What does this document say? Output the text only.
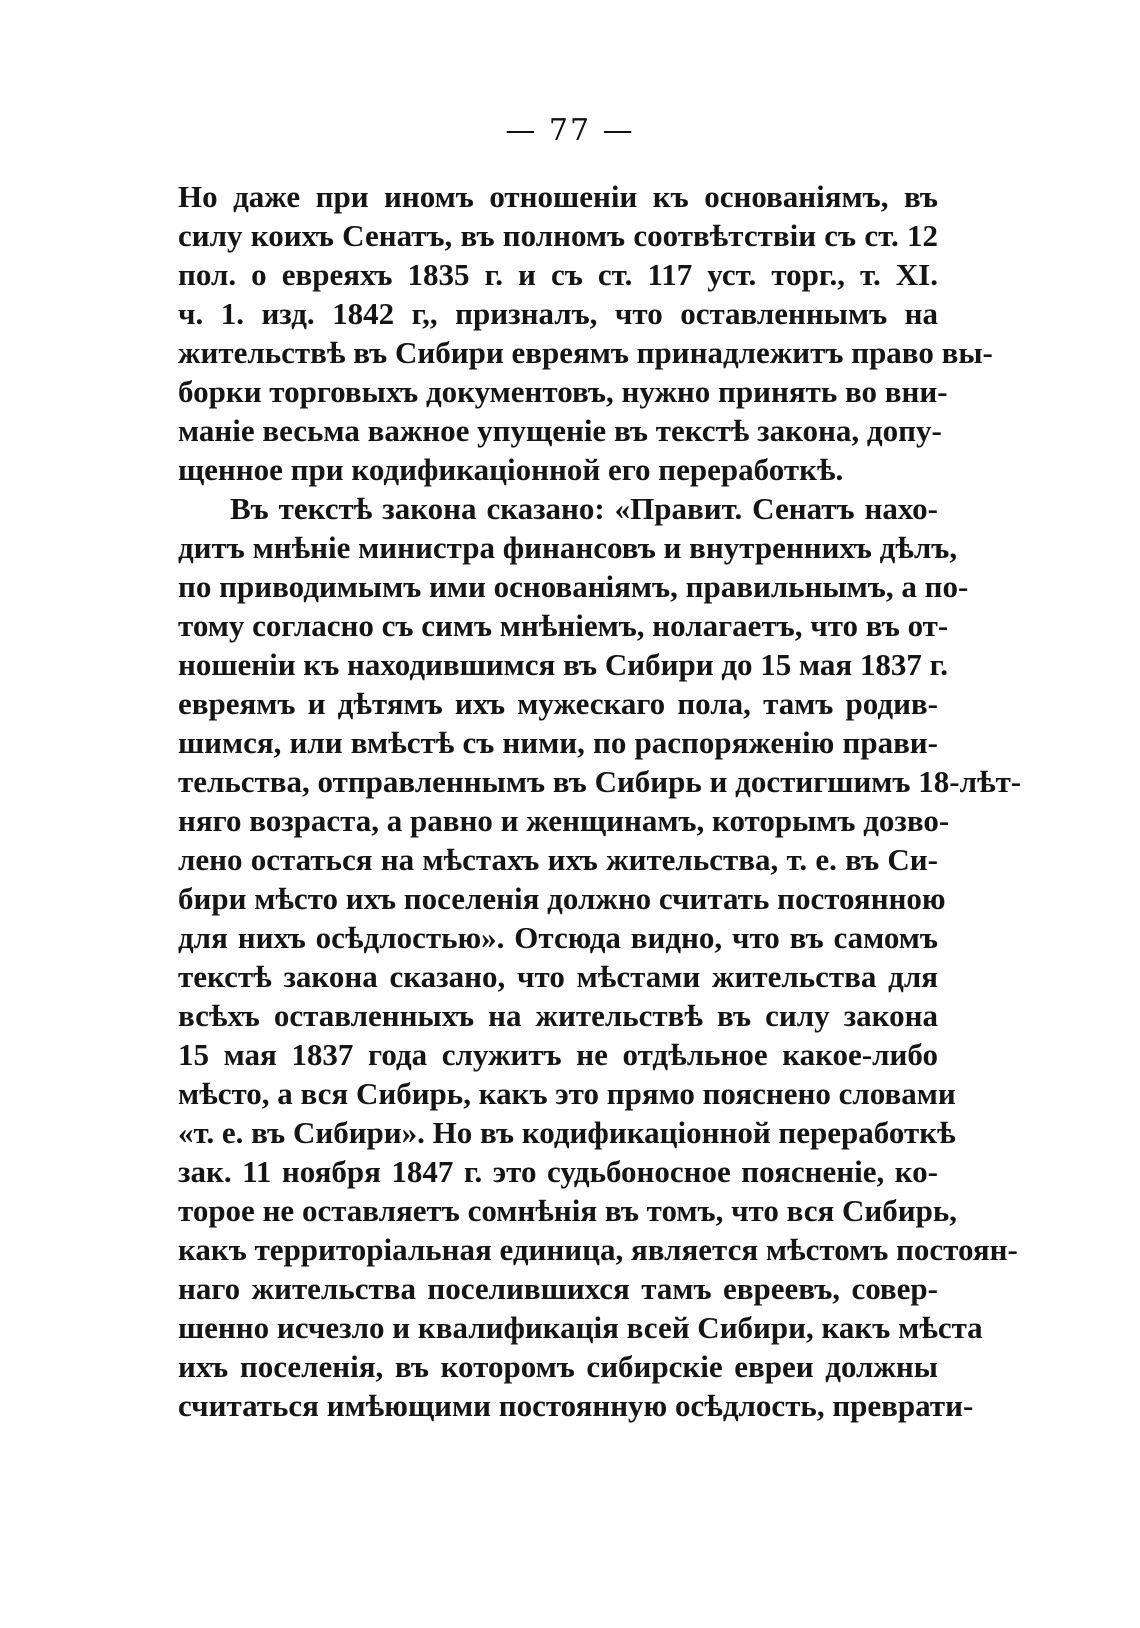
— 77 —
Но даже при иномъ отношеніи къ основаніямъ, въ
силу коихъ Сенатъ, въ полномъ соотвѣтствіи съ ст. 12
пол. о евреяхъ 1835 г. и съ ст. 117 уст. торг., т. XI.
ч. 1. изд. 1842 г,, призналъ, что оставленнымъ на
жительствѣ въ Сибири евреямъ принадлежитъ право вы-
борки торговыхъ документовъ, нужно принять во вни-
маніе весьма важное упущеніе въ текстѣ закона, допу-
щенное при кодификаціонной его переработкѣ.
Въ текстѣ закона сказано: «Правит. Сенатъ нахо-
дитъ мнѣніе министра финансовъ и внутреннихъ дѣлъ,
по приводимымъ ими основаніямъ, правильнымъ, а по-
тому согласно съ симъ мнѣніемъ, нолагаетъ, что въ от-
ношеніи къ находившимся въ Сибири до 15 мая 1837 г.
евреямъ и дѣтямъ ихъ мужескаго пола, тамъ родив-
шимся, или вмѣстѣ съ ними, по распоряженію прави-
тельства, отправленнымъ въ Сибирь и достигшимъ 18-лѣт-
няго возраста, а равно и женщинамъ, которымъ дозво-
лено остаться на мѣстахъ ихъ жительства, т. е. въ Си-
бири мѣсто ихъ поселенія должно считать постоянною
для нихъ осѣдлостью». Отсюда видно, что въ самомъ
текстѣ закона сказано, что мѣстами жительства для
всѣхъ оставленныхъ на жительствѣ въ силу закона
15 мая 1837 года служитъ не отдѣльное какое-либо
мѣсто, а вся Сибирь, какъ это прямо пояснено словами
«т. е. въ Сибири». Но въ кодификаціонной переработкѣ
зак. 11 ноября 1847 г. это судьбоносное поясненіе, ко-
торое не оставляетъ сомнѣнія въ томъ, что вся Сибирь,
какъ территоріальная единица, является мѣстомъ постоян-
наго жительства поселившихся тамъ евреевъ, совер-
шенно исчезло и квалификація всей Сибири, какъ мѣста
ихъ поселенія, въ которомъ сибирскіе евреи должны
считаться имѣющими постоянную осѣдлость, преврати-
